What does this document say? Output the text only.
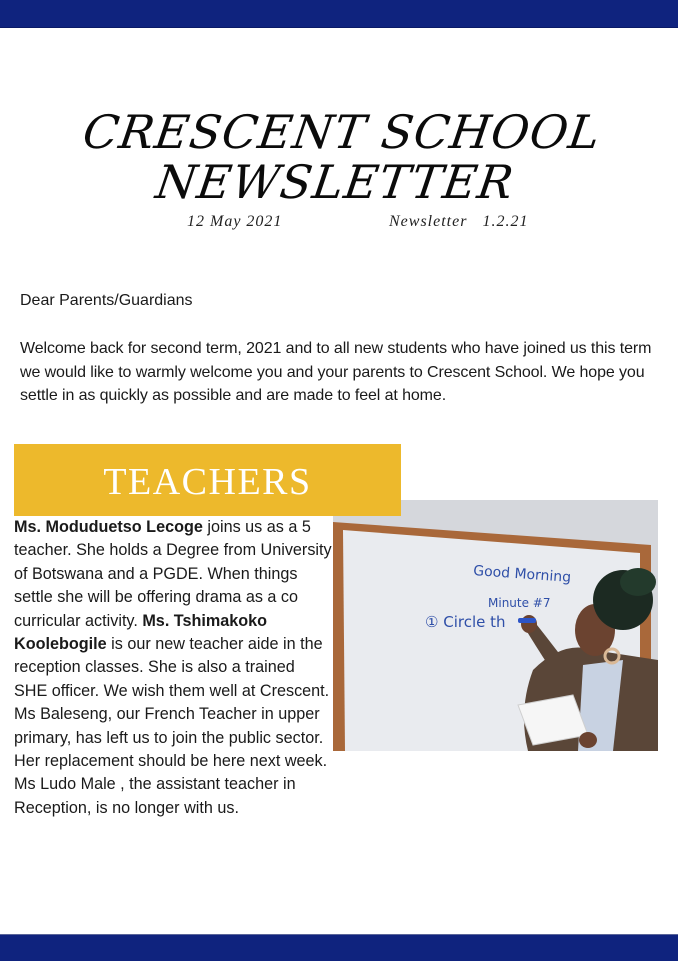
CRESCENT SCHOOL
NEWSLETTER
12 May 2021	Newsletter   1.2.21
Dear Parents/Guardians
Welcome back for second term, 2021 and to all new students who have joined us this term we would like to warmly welcome you and your parents to Crescent School. We hope you settle in as quickly as possible and are made to feel at home.
Good Morning
Minute #7
① Circle th
TEACHERS
Ms. Moduduetso Lecoge joins us as a 5 teacher. She holds a Degree from University of Botswana and a PGDE. When things settle she will be offering drama as a co curricular activity. Ms. Tshimakoko Koolebogile is our new teacher aide in the reception classes. She is also a trained SHE officer. We wish them well at Crescent. Ms Baleseng, our French Teacher in upper primary, has left us to join the public sector.
Her replacement should be here next week. Ms Ludo Male , the assistant teacher in Reception, is no longer with us.
